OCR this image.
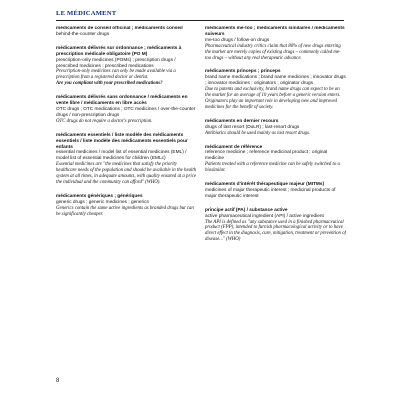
LE MÉDICAMENT

médicaments de conseil officinal ; médicaments conseil

behind-the-counter drugs

médicaments délivrés sur ordonnance ; médicaments à prescription médicale obligatoire (PO M)

prescription-only medicines (POMs) ; prescription drugs / prescribed medicines ; prescribed medications

Prescription-only medicines can only be made available via a prescription from a registered doctor or dentist.

Are you compliant with your prescribed medications?

médicaments délivrés sans ordonnance / médicaments en vente libre / médicaments en libre accès

OTC drugs ; OTC medications ; OTC medicines / over-the-counter drugs / non-prescription drugs

OTC drugs do not require a doctor's prescription.

médicaments essentiels / liste modèle des médicaments essentiels / liste modèle des médicaments essentiels pour enfants

essential medicines / model list of essential medicines (EML) / model list of essential medicines for children (EMLc)

Essential medicines are "the medicines that satisfy the priority healthcare needs of the population and should be available in the health system at all times, in adequate amounts, with quality ensured at a price the individual and the community can afford" (WHO).

médicaments génériques ; génériques

generic drugs ; generic medicines ; generics

Generics contain the same active ingredients as branded drugs but can be significantly cheaper.

médicaments me-too ; médicaments similaires / médicaments suiveurs

me-too drugs / follow-on drugs

Pharmaceutical industry critics claim that 80% of new drugs entering the market are merely copies of existing drugs – commonly called me-too drugs – without any real therapeutic advance.

médicaments princeps ; princeps

brand name medications ; brand name medicines ; innovator drugs ; innovator medicines ; originators ; originator drugs

Due to patents and exclusivity, brand name drugs can expect to be on the market for an average of 10 years before a generic version enters.

Originators play an important role in developing new and improved medicines for the benefit of society.

médicaments en dernier recours

drugs of last resort (DoLR) ; last-resort drugs

Antibiotics should be used mainly as last resort drugs.

médicament de référence

reference medicine ; reference medicinal product ; original medicine

Patients treated with a reference medicine can be safely switched to a biosimilar.

médicaments d'intérêt thérapeutique majeur (MITMs)

medicines of major therapeutic interest ; medicinal products of major therapeutic interest

principe actif (PA) / substance active

active pharmaceutical ingredient (API) / active ingredient

The API is defined as "any substance used in a finished pharmaceutical product (FPP), intended to furnish pharmacological activity or to have direct effect in the diagnosis, cure, mitigation, treatment or prevention of disease..." (WHO)

8
